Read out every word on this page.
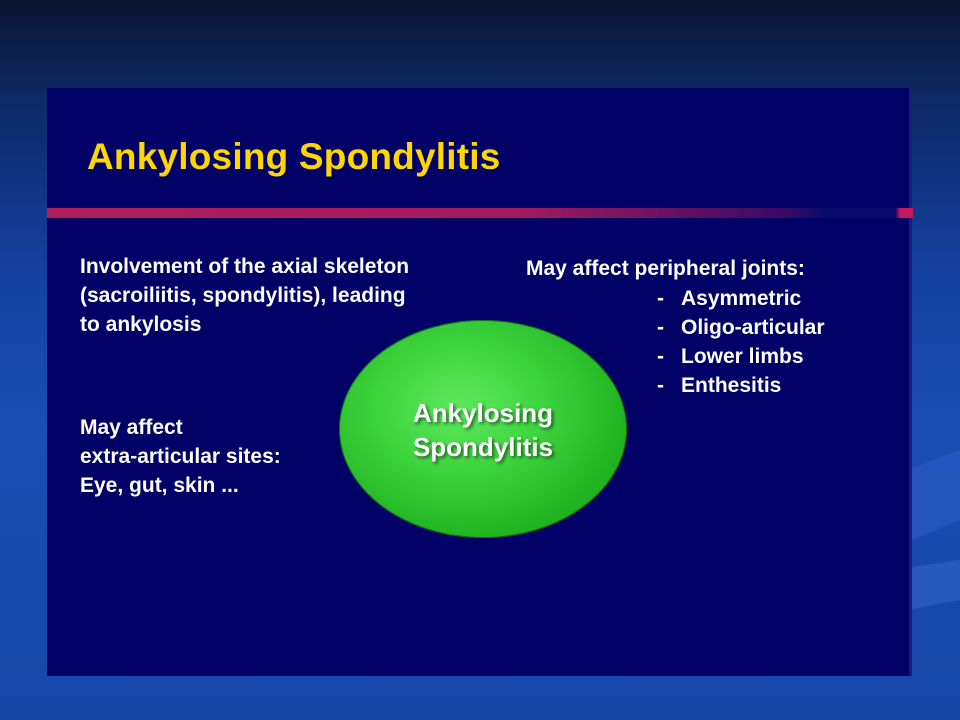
Ankylosing Spondylitis

Involvement of the axial skeleton
(sacroiliitis, spondylitis), leading
to ankylosis

May affect
extra-articular sites:
Eye, gut, skin ...

May affect peripheral joints:

- Asymmetric
- Oligo-articular
- Lower limbs
- Enthesitis
Ankylosing
Spondylitis
